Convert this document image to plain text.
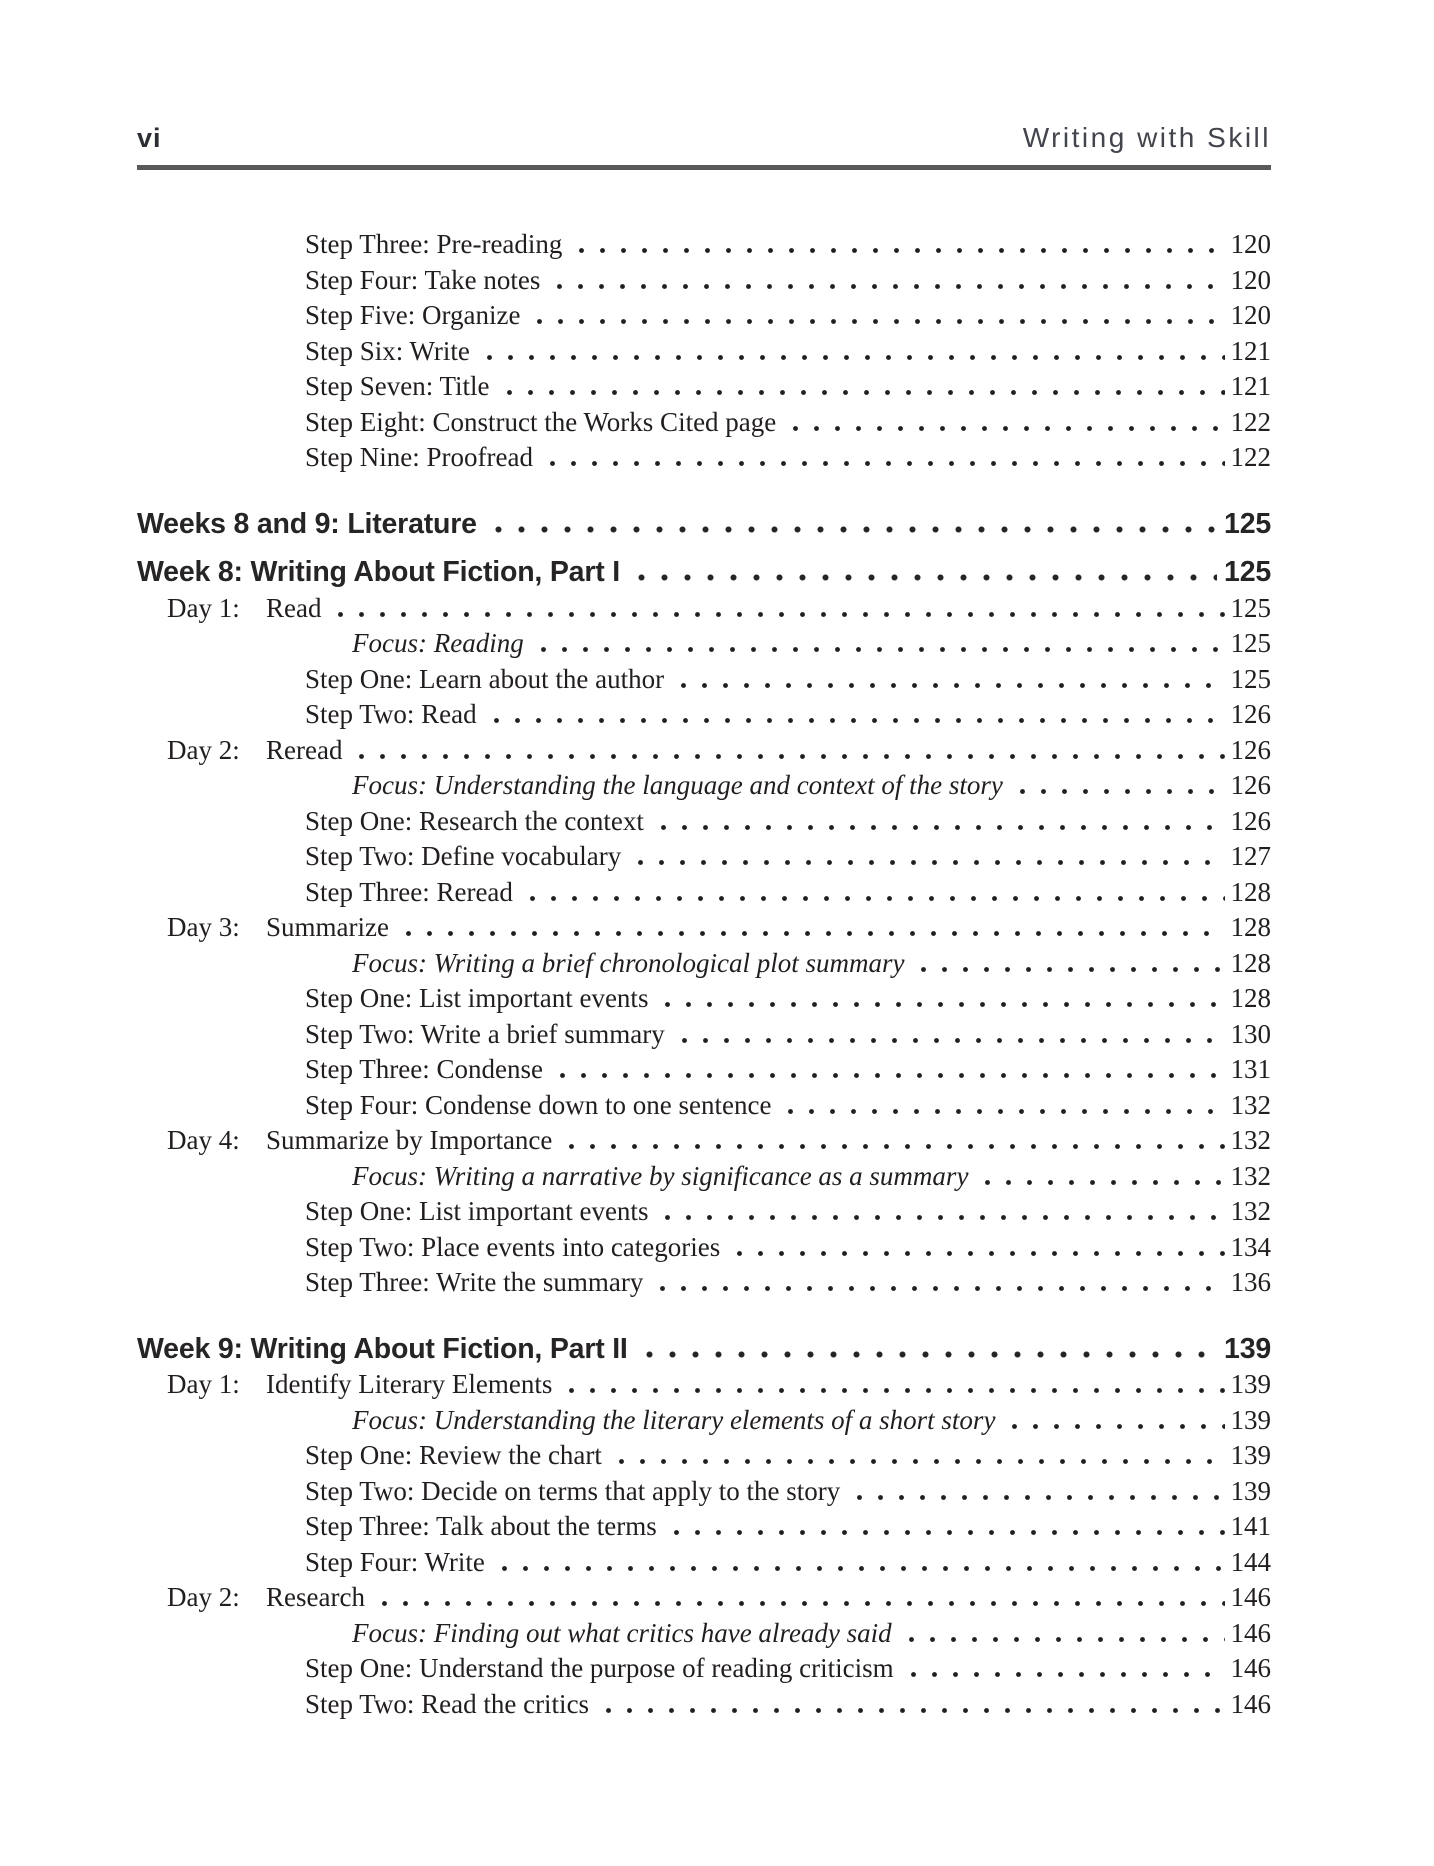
vi	Writing with Skill
Step Three: Pre-reading	120
Step Four: Take notes	120
Step Five: Organize	120
Step Six: Write	121
Step Seven: Title	121
Step Eight: Construct the Works Cited page	122
Step Nine: Proofread	122
Weeks 8 and 9: Literature	125
Week 8: Writing About Fiction, Part I	125
Day 1: Read	125
Focus: Reading	125
Step One: Learn about the author	125
Step Two: Read	126
Day 2: Reread	126
Focus: Understanding the language and context of the story	126
Step One: Research the context	126
Step Two: Define vocabulary	127
Step Three: Reread	128
Day 3: Summarize	128
Focus: Writing a brief chronological plot summary	128
Step One: List important events	128
Step Two: Write a brief summary	130
Step Three: Condense	131
Step Four: Condense down to one sentence	132
Day 4: Summarize by Importance	132
Focus: Writing a narrative by significance as a summary	132
Step One: List important events	132
Step Two: Place events into categories	134
Step Three: Write the summary	136
Week 9: Writing About Fiction, Part II	139
Day 1: Identify Literary Elements	139
Focus: Understanding the literary elements of a short story	139
Step One: Review the chart	139
Step Two: Decide on terms that apply to the story	139
Step Three: Talk about the terms	141
Step Four: Write	144
Day 2: Research	146
Focus: Finding out what critics have already said	146
Step One: Understand the purpose of reading criticism	146
Step Two: Read the critics	146
